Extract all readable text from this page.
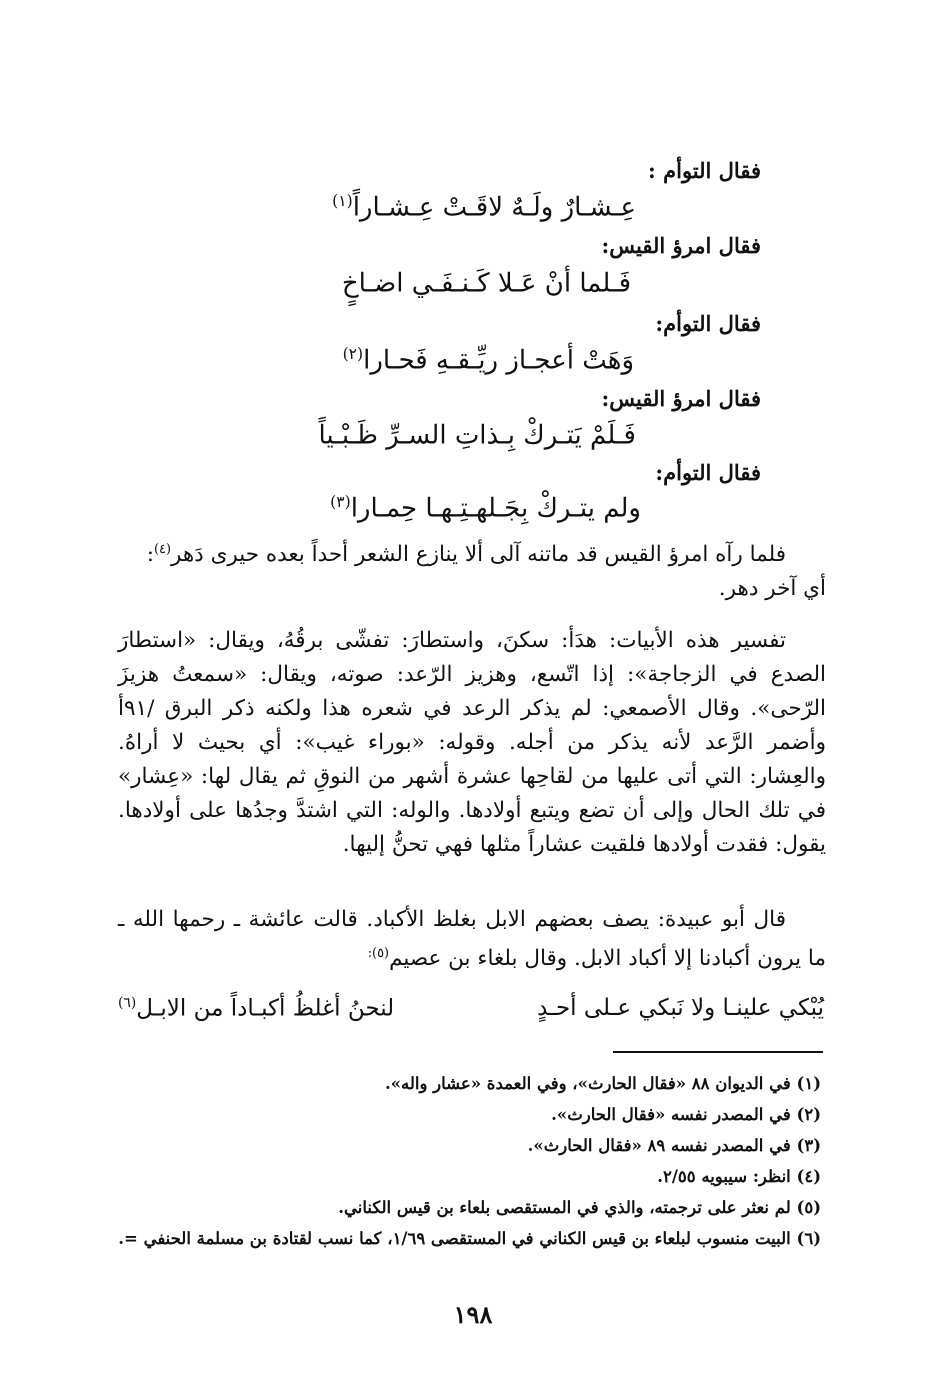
فقال التوأم :
عِـشـارٌ ولَـهٌ لاقَـتْ عِـشـاراً$^{(١)}$
فقال امرؤ القيس:
فَـلما أنْ عَـلا كَـنـفَـي اضـاخٍ
فقال التوأم:
وَهَتْ أعجـاز ريِّـقـهِ فَحـارا$^{(٢)}$
فقال امرؤ القيس:
فَـلَمْ يَتـركْ بِـذاتِ السـرِّ ظَـبْـياً
فقال التوأم:
ولم يتـركْ بِجَـلهـتِـهـا حِمـارا$^{(٣)}$

فلما رآه امرؤ القيس قد ماتنه آلى ألا ينازع الشعر أحداً بعده حيرى دَهر$^{(٤)}$:

أي آخر دهر.

تفسير هذه الأبيات: هدَأ: سكنَ، واستطارَ: تفشّى برقُهُ، ويقال: «استطارَ الصدع في الزجاجة»: إذا اتّسع، وهزيز الرّعد: صوته، ويقال: «سمعتُ هزيزَ الرّحى». وقال الأصمعي: لم يذكر الرعد في شعره هذا ولكنه ذكر البرق /٩١أ وأضمر الرَّعد لأنه يذكر من أجله. وقوله: «بوراء غيب»: أي بحيث لا أراهُ. والعِشار: التي أتى عليها من لقاحِها عشرة أشهر من النوقِ ثم يقال لها: «عِشار» في تلك الحال وإلى أن تضع ويتبع أولادها. والوله: التي اشتدَّ وجدُها على أولادها. يقول: فقدت أولادها فلقيت عشاراً مثلها فهي تحنُّ إليها.

قال أبو عبيدة: يصف بعضهم الابل بغلظ الأكباد. قالت عائشة ـ رحمها الله ـ ما يرون أكبادنا إلا أكباد الابل. وقال بلغاء بن عصيم$^{(٥):}$

يُبْكي علينـا ولا نَبكي عـلى أحـدٍ
لنحنُ أغلظُ أكبـاداً من الابـل$^{(٦)}$
(١) في الديوان ٨٨ «فقال الحارث»، وفي العمدة «عشار واله».
(٢) في المصدر نفسه «فقال الحارث».
(٣) في المصدر نفسه ٨٩ «فقال الحارث».
(٤) انظر: سيبويه ٢/٥٥.
(٥) لم نعثر على ترجمته، والذي في المستقصى بلعاء بن قيس الكناني.
(٦) البيت منسوب لبلعاء بن قيس الكناني في المستقصى ١/٦٩، كما نسب لقتادة بن مسلمة الحنفي =.
١٩٨
